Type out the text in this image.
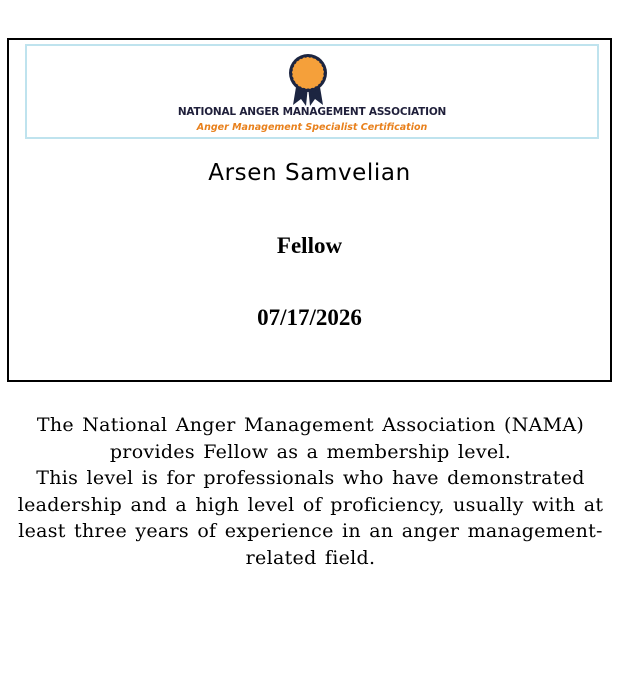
NATIONAL ANGER MANAGEMENT ASSOCIATION
Anger Management Specialist Certification
Arsen Samvelian
Fellow
07/17/2026

The National Anger Management Association (NAMA) provides Fellow as a membership level.

This level is for professionals who have demonstrated leadership and a high level of proficiency, usually with at least three years of experience in an anger management-related field.
